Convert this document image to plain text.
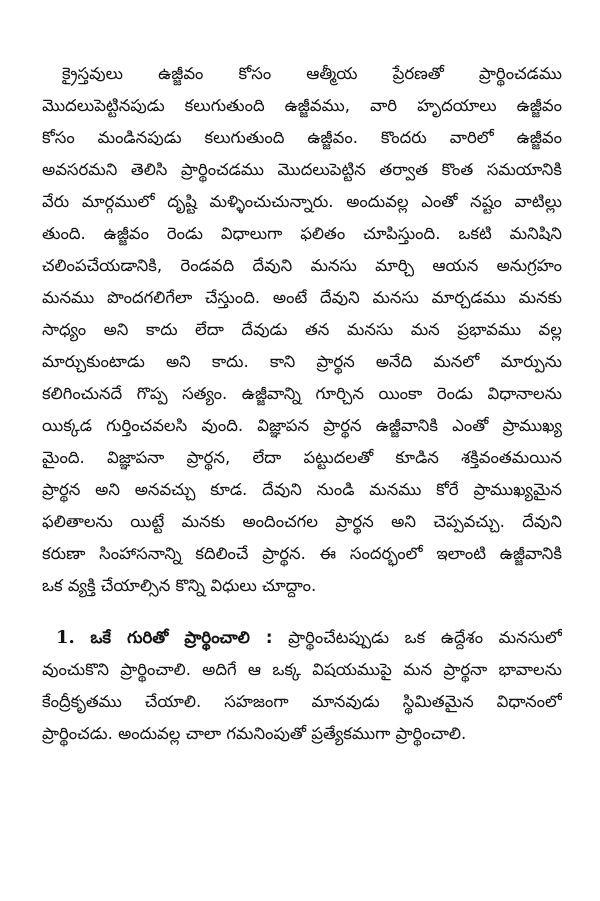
క్రైస్తవులు ఉజ్జీవం కోసం ఆత్మీయ ప్రేరణతో ప్రార్థించడము
మొదలుపెట్టినపుడు కలుగుతుంది ఉజ్జీవము, వారి హృదయాలు ఉజ్జీవం
కోసం మండినపుడు కలుగుతుంది ఉజ్జీవం. కొందరు వారిలో ఉజ్జీవం
అవసరమని తెలిసి ప్రార్థించడము మొదలుపెట్టిన తర్వాత కొంత సమయానికి
వేరు మార్గములో దృష్టి మళ్ళించుచున్నారు. అందువల్ల ఎంతో నష్టం వాటిల్లు
తుంది. ఉజ్జీవం రెండు విధాలుగా ఫలితం చూపిస్తుంది. ఒకటి మనిషిని
చలింపచేయడానికి, రెండవది దేవుని మనసు మార్చి ఆయన అనుగ్రహం
మనము పొందగలిగేలా చేస్తుంది. అంటే దేవుని మనసు మార్చడము మనకు
సాధ్యం అని కాదు లేదా దేవుడు తన మనసు మన ప్రభావము వల్ల
మార్చుకుంటాడు అని కాదు. కాని ప్రార్థన అనేది మనలో మార్పును
కలిగించునదే గొప్ప సత్యం. ఉజ్జీవాన్ని గూర్చిన యింకా రెండు విధానాలను
యిక్కడ గుర్తించవలసి వుంది. విజ్ఞాపన ప్రార్థన ఉజ్జీవానికి ఎంతో ప్రాముఖ్య
మైంది. విజ్ఞాపనా ప్రార్థన, లేదా పట్టుదలతో కూడిన శక్తివంతమయిన
ప్రార్థన అని అనవచ్చు కూడ. దేవుని నుండి మనము కోరే ప్రాముఖ్యమైన
ఫలితాలను యిట్టే మనకు అందించగల ప్రార్థన అని చెప్పవచ్చు. దేవుని
కరుణా సింహాసనాన్ని కదిలించే ప్రార్థన. ఈ సందర్భంలో ఇలాంటి ఉజ్జీవానికి
ఒక వ్యక్తి చేయాల్సిన కొన్ని విధులు చూద్దాం.
1. ఒకే గురితో ప్రార్థించాలి : ప్రార్థించేటప్పుడు ఒక ఉద్దేశం మనసులో
వుంచుకొని ప్రార్థించాలి. అదిగే ఆ ఒక్క విషయముపై మన ప్రార్థనా భావాలను
కేంద్రీకృతము చేయాలి. సహజంగా మానవుడు స్థిమితమైన విధానంలో
ప్రార్థించడు. అందువల్ల చాలా గమనింపుతో ప్రత్యేకముగా ప్రార్థించాలి.
